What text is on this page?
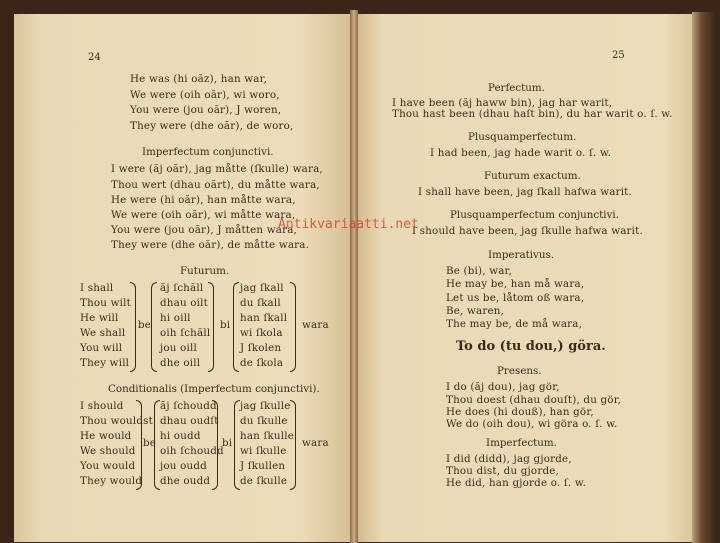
24
He was (hi oăz), han war,
We were (oih oăr), wi woro,
You were (jou oăr), J woren,
They were (dhe oăr), de woro,
Imperfectum conjunctivi.
I were (ăj oăr), jag måtte (ſkulle) wara,
Thou wert (dhau oărt), du måtte wara,
He were (hi oăr), han måtte wara,
We were (oih oăr), wi måtte wara,
You were (jou oăr), J måtten wara,
They were (dhe oăr), de måtte wara.
Futurum.
I shall
Thou wilt
He will
We shall
You will
They will
be
ăj ſchăll
dhau oilt
hi oill
oih ſchăll
jou oill
dhe oill
bi
jag ſkall
du ſkall
han ſkall
wi ſkola
J ſkolen
de ſkola
wara
Conditionalis (Imperfectum conjunctivi).
I should
Thou wouldst
He would
We should
You would
They would
be
ăj ſchoudd
dhau oudſt
hi oudd
oih ſchoudd
jou oudd
dhe oudd
bi
jag ſkulle
du ſkulle
han ſkulle
wi ſkulle
J ſkullen
de ſkulle
wara
25
Perfectum.
I have been (ăj haww bin), jag har warit,
Thou hast been (dhau haſt bin), du har warit o. ſ. w.
Plusquamperfectum.
I had been, jag hade warit o. ſ. w.
Futurum exactum.
I shall have been, jag ſkall hafwa warit.
Plusquamperfectum conjunctivi.
I should have been, jag ſkulle hafwa warit.
Imperativus.
Be (bi), war,
He may be, han må wara,
Let us be, låtom oß wara,
Be, waren,
The may be, de må wara,
To do (tu dou,) göra.
Presens.
I do (ăj dou), jag gör,
Thou doest (dhau douſt), du gör,
He does (hi douß), han gör,
We do (oih dou), wi göra o. ſ. w.
Imperfectum.
I did (didd), jag gjorde,
Thou dist, du gjorde,
He did, han gjorde o. ſ. w.
Antikvariaatti.net
